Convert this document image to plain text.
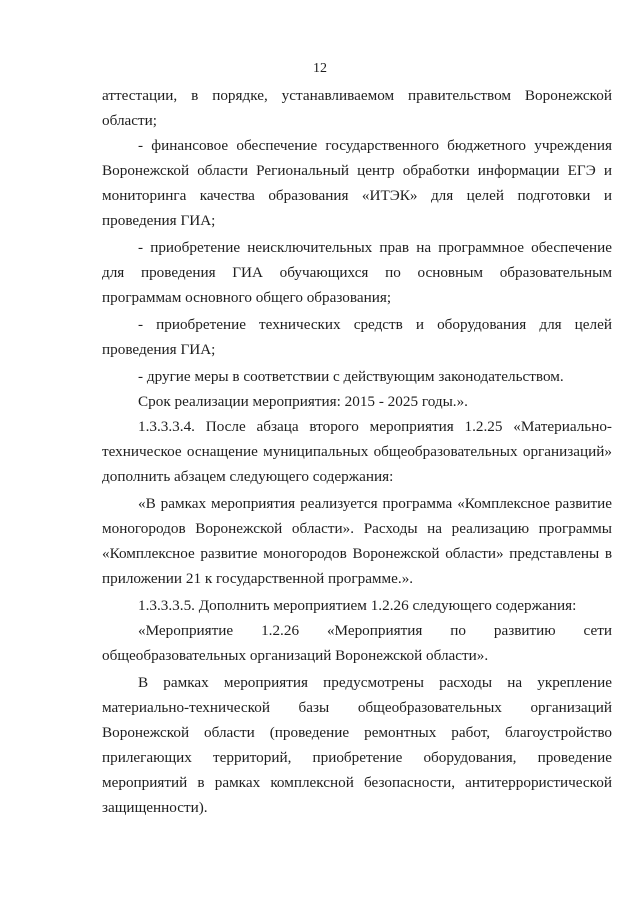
12

аттестации, в порядке, устанавливаемом правительством Воронежской области;

- финансовое обеспечение государственного бюджетного учреждения Воронежской области Региональный центр обработки информации ЕГЭ и мониторинга качества образования «ИТЭК» для целей подготовки и проведения ГИА;

- приобретение неисключительных прав на программное обеспечение для проведения ГИА обучающихся по основным образовательным программам основного общего образования;

- приобретение технических средств и оборудования для целей проведения ГИА;

- другие меры в соответствии с действующим законодательством.

Срок реализации мероприятия: 2015 - 2025 годы.».

1.3.3.3.4. После абзаца второго мероприятия 1.2.25 «Материально-техническое оснащение муниципальных общеобразовательных организаций» дополнить абзацем следующего содержания:

«В рамках мероприятия реализуется программа «Комплексное развитие моногородов Воронежской области». Расходы на реализацию программы «Комплексное развитие моногородов Воронежской области» представлены в приложении 21 к государственной программе.».

1.3.3.3.5. Дополнить мероприятием 1.2.26 следующего содержания:

«Мероприятие 1.2.26 «Мероприятия по развитию сети общеобразовательных организаций Воронежской области».

В рамках мероприятия предусмотрены расходы на укрепление материально-технической базы общеобразовательных организаций Воронежской области (проведение ремонтных работ, благоустройство прилегающих территорий, приобретение оборудования, проведение мероприятий в рамках комплексной безопасности, антитеррористической защищенности).
